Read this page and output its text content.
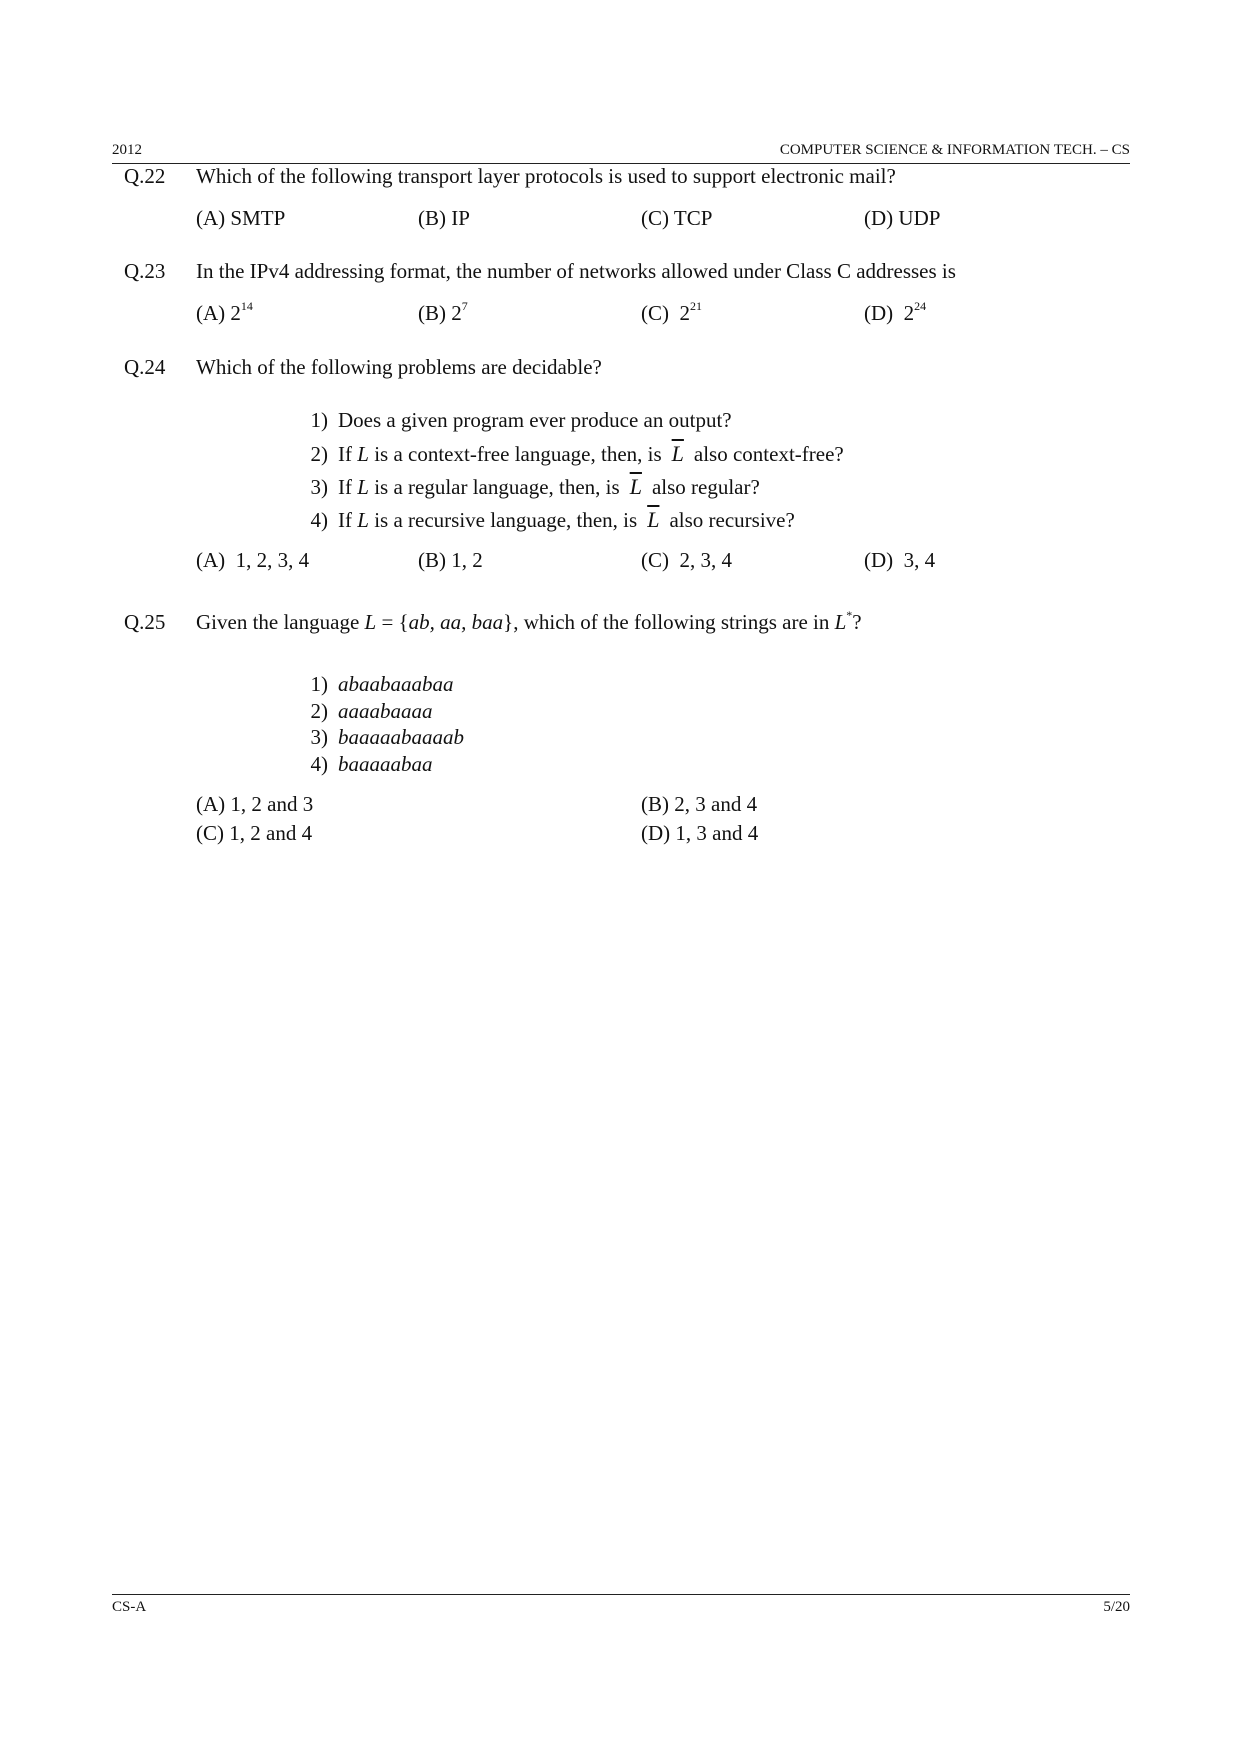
2012	COMPUTER SCIENCE & INFORMATION TECH. – CS
Q.22 Which of the following transport layer protocols is used to support electronic mail?
(A) SMTP	(B) IP	(C) TCP	(D) UDP
Q.23 In the IPv4 addressing format, the number of networks allowed under Class C addresses is
(A) $2^{14}$	(B) $2^7$	(C)  $2^{21}$	(D)  $2^{24}$
Q.24 Which of the following problems are decidable?
1) Does a given program ever produce an output?
2) If L is a context-free language, then, is $\overline{L}$ also context-free?
3) If L is a regular language, then, is $\overline{L}$ also regular?
4) If L is a recursive language, then, is $\overline{L}$ also recursive?
(A)  1, 2, 3, 4	(B) 1, 2	(C)  2, 3, 4	(D)  3, 4
Q.25 Given the language L = {ab, aa, baa}, which of the following strings are in L*?
1) abaabaaabaa
2) aaaabaaaa
3) baaaaabaaaab
4) baaaaabaa
(A) 1, 2 and 3	(B) 2, 3 and 4
(C) 1, 2 and 4	(D) 1, 3 and 4
CS-A	5/20
